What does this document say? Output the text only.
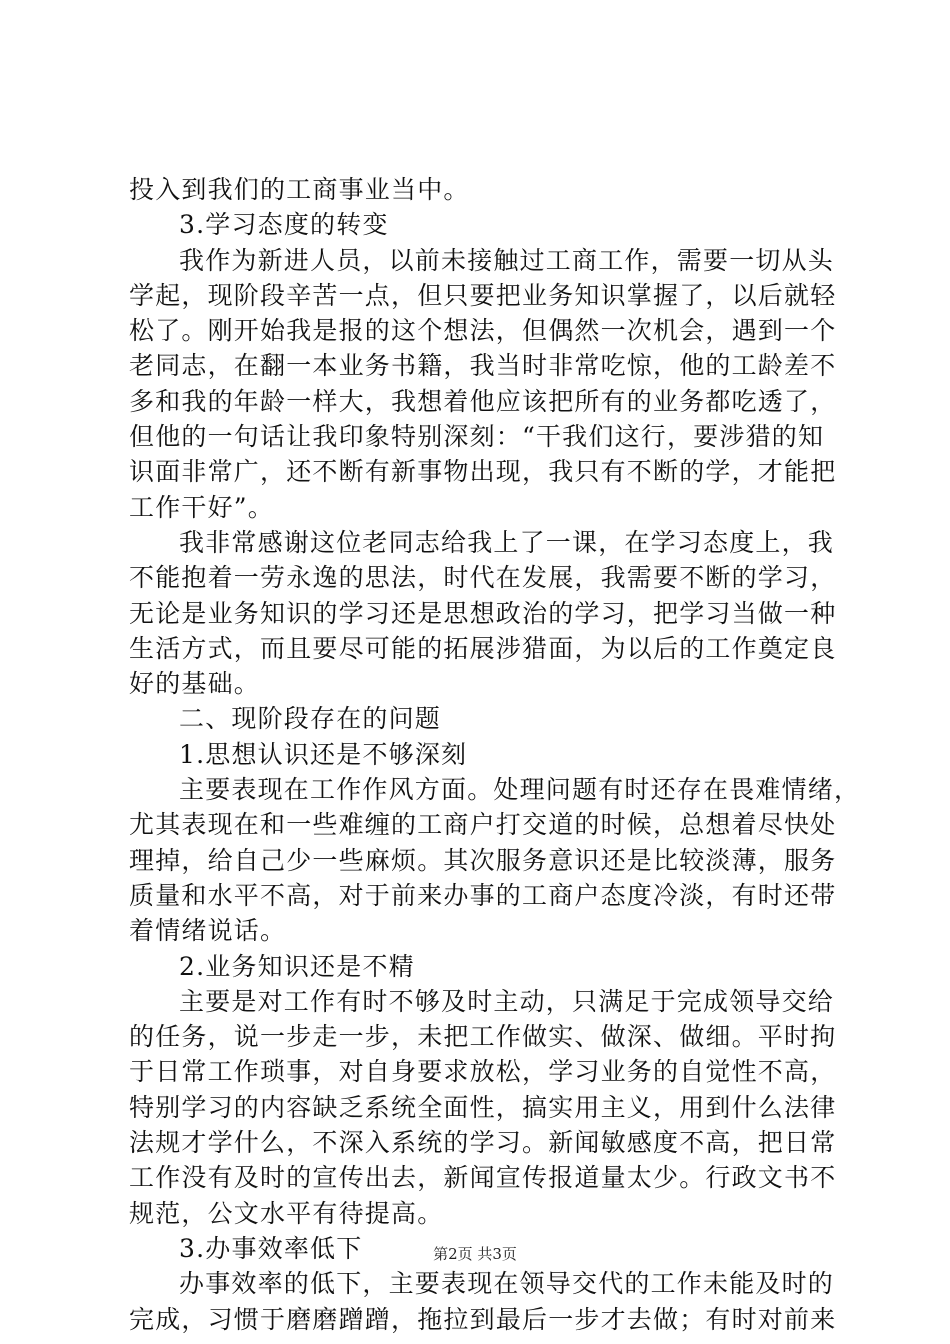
投入到我们的工商事业当中。
3.学习态度的转变
我作为新进人员，以前未接触过工商工作，需要一切从头
学起，现阶段辛苦一点，但只要把业务知识掌握了，以后就轻
松了。刚开始我是报的这个想法，但偶然一次机会，遇到一个
老同志，在翻一本业务书籍，我当时非常吃惊，他的工龄差不
多和我的年龄一样大，我想着他应该把所有的业务都吃透了，
但他的一句话让我印象特别深刻：“干我们这行，要涉猎的知
识面非常广，还不断有新事物出现，我只有不断的学，才能把
工作干好”。
我非常感谢这位老同志给我上了一课，在学习态度上，我
不能抱着一劳永逸的思法，时代在发展，我需要不断的学习，
无论是业务知识的学习还是思想政治的学习，把学习当做一种
生活方式，而且要尽可能的拓展涉猎面，为以后的工作奠定良
好的基础。
二、现阶段存在的问题
1.思想认识还是不够深刻
主要表现在工作作风方面。处理问题有时还存在畏难情绪，
尤其表现在和一些难缠的工商户打交道的时候，总想着尽快处
理掉，给自己少一些麻烦。其次服务意识还是比较淡薄，服务
质量和水平不高，对于前来办事的工商户态度冷淡，有时还带
着情绪说话。
2.业务知识还是不精
主要是对工作有时不够及时主动，只满足于完成领导交给
的任务，说一步走一步，未把工作做实、做深、做细。平时拘
于日常工作琐事，对自身要求放松，学习业务的自觉性不高，
特别学习的内容缺乏系统全面性，搞实用主义，用到什么法律
法规才学什么，不深入系统的学习。新闻敏感度不高，把日常
工作没有及时的宣传出去，新闻宣传报道量太少。行政文书不
规范，公文水平有待提高。
3.办事效率低下
办事效率的低下，主要表现在领导交代的工作未能及时的
完成，习惯于磨磨蹭蹭，拖拉到最后一步才去做；有时对前来
第2页 共3页
